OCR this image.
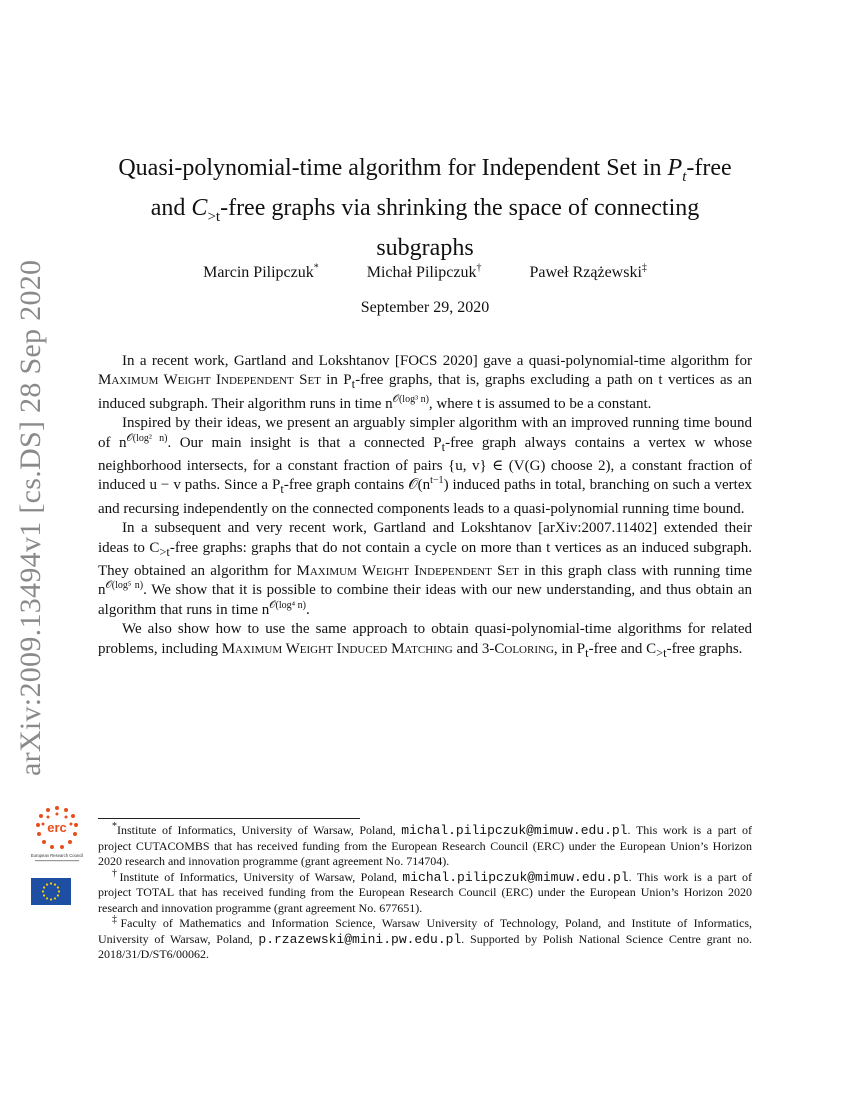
arXiv:2009.13494v1 [cs.DS] 28 Sep 2020
Quasi-polynomial-time algorithm for Independent Set in $P_t$-free
and $C_{>t}$-free graphs via shrinking the space of connecting
subgraphs
Marcin Pilipczuk*	Michał Pilipczuk†	Paweł Rzążewski‡
September 29, 2020

In a recent work, Gartland and Lokshtanov [FOCS 2020] gave a quasi-polynomial-time algorithm for Maximum Weight Independent Set in $P_t$-free graphs, that is, graphs excluding a path on t vertices as an induced subgraph. Their algorithm runs in time $n^{𝒪(log^3 n)}$, where t is assumed to be a constant.

Inspired by their ideas, we present an arguably simpler algorithm with an improved running time bound of $n^{𝒪(log^2 n)}$. Our main insight is that a connected $P_t$-free graph always contains a vertex w whose neighborhood intersects, for a constant fraction of pairs {u, v} ∈ (V(G) choose 2), a constant fraction of induced u − v paths. Since a $P_t$-free graph contains $𝒪(n^{t-1})$ induced paths in total, branching on such a vertex and recursing independently on the connected components leads to a quasi-polynomial running time bound.

In a subsequent and very recent work, Gartland and Lokshtanov [arXiv:2007.11402] extended their ideas to $C_{>t}$-free graphs: graphs that do not contain a cycle on more than t vertices as an induced subgraph. They obtained an algorithm for Maximum Weight Independent Set in this graph class with running time $n^{𝒪(log^5 n)}$. We show that it is possible to combine their ideas with our new understanding, and thus obtain an algorithm that runs in time $n^{𝒪(log^4 n)}$.

We also show how to use the same approach to obtain quasi-polynomial-time algorithms for related problems, including Maximum Weight Induced Matching and 3-Coloring, in $P_t$-free and $C_{>t}$-free graphs.

erc
European Research Council

*Institute of Informatics, University of Warsaw, Poland, michal.pilipczuk@mimuw.edu.pl. This work is a part of project CUTACOMBS that has received funding from the European Research Council (ERC) under the European Union’s Horizon 2020 research and innovation programme (grant agreement No. 714704).

†Institute of Informatics, University of Warsaw, Poland, michal.pilipczuk@mimuw.edu.pl. This work is a part of project TOTAL that has received funding from the European Research Council (ERC) under the European Union’s Horizon 2020 research and innovation programme (grant agreement No. 677651).

‡Faculty of Mathematics and Information Science, Warsaw University of Technology, Poland, and Institute of Informatics, University of Warsaw, Poland, p.rzazewski@mini.pw.edu.pl. Supported by Polish National Science Centre grant no. 2018/31/D/ST6/00062.
